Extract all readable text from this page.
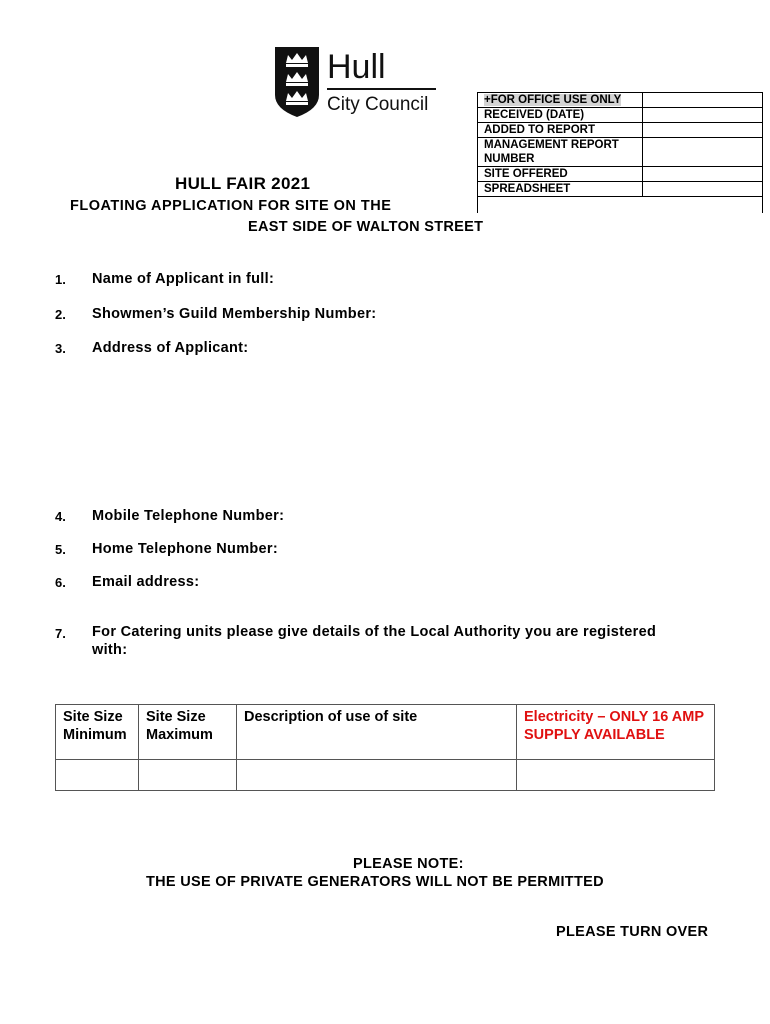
Hull
City Council	+FOR OFFICE USE ONLY	
RECEIVED (DATE)	
ADDED TO REPORT	
MANAGEMENT REPORT NUMBER	
SITE OFFERED	
SPREADSHEET	
HULL FAIR 2021
FLOATING APPLICATION FOR SITE ON THE
EAST SIDE OF WALTON STREET
1. Name of Applicant in full:
2. Showmen’s Guild Membership Number:
3. Address of Applicant:
4. Mobile Telephone Number:
5. Home Telephone Number:
6. Email address:
7. For Catering units please give details of the Local Authority you are registered with:
Site Size Minimum	Site Size Maximum	Description of use of site	Electricity – ONLY 16 AMP SUPPLY AVAILABLE

PLEASE NOTE:
THE USE OF PRIVATE GENERATORS WILL NOT BE PERMITTED
PLEASE TURN OVER
